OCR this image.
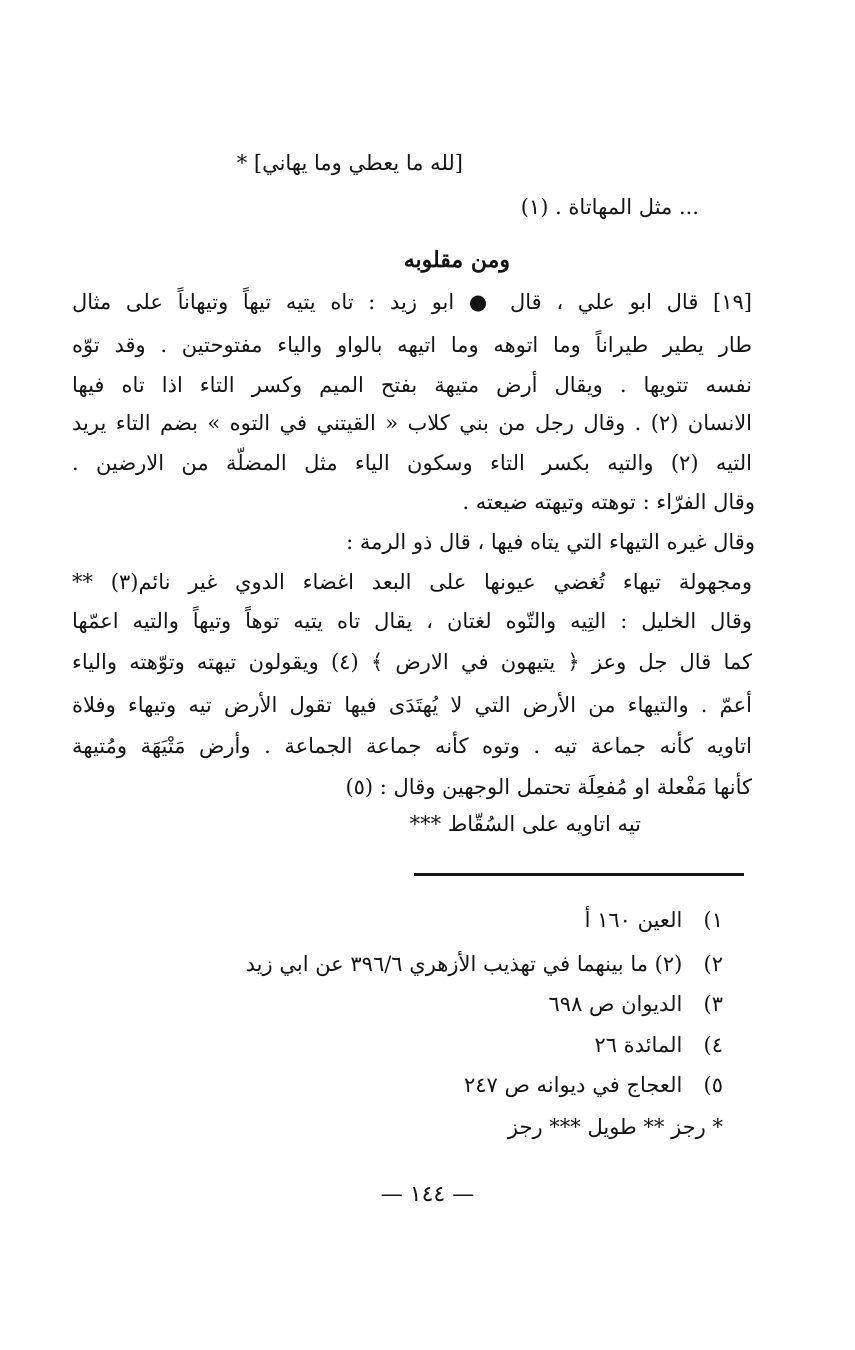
[لله ما يعطي وما يهاني] *

... مثل المهاتاة . (١)

ومن مقلوبه

[١٩] قال ابو علي ، قال ● ابو زيد : تاه يتيه تيهاً وتيهاناً على مثال

طار يطير طيراناً وما اتوهه وما اتيهه بالواو والياء مفتوحتين . وقد توّه

نفسه تتويها . ويقال أرض متيهة بفتح الميم وكسر التاء اذا تاه فيها

الانسان (٢) . وقال رجل من بني كلاب « القيتني في التوه » بضم التاء يريد

التيه (٢) والتيه بكسر التاء وسكون الياء مثل المضلّة من الارضين .

وقال الفرّاء : توهته وتيهته ضيعته .

وقال غيره التيهاء التي يتاه فيها ، قال ذو الرمة :

ومجهولة تيهاء تُغضي عيونها على البعد اغضاء الدوي غير نائم(٣) **

وقال الخليل : التِيه والتّوه لغتان ، يقال تاه يتيه توهاً وتيهاً والتيه اعمّها

كما قال جل وعز ﴿ يتيهون في الارض ﴾ (٤) ويقولون تيهته وتوّهته والياء

أعمّ . والتيهاء من الأرض التي لا يُهتَدَى فيها تقول الأرض تيه وتيهاء وفلاة

اتاويه كأنه جماعة تيه . وتوه كأنه جماعة الجماعة . وأرض مَتْيَهَة ومُتيهة

كأنها مَفْعلة او مُفعِلَة تحتمل الوجهين وقال : (٥)

تيه اتاويه على السُقّاط ***

١) العين ١٦٠ أ
٢) (٢) ما بينهما في تهذيب الأزهري ٣٩٦/٦ عن ابي زيد
٣) الديوان ص ٦٩٨
٤) المائدة ٢٦
٥) العجاج في ديوانه ص ٢٤٧
* رجز ** طويل *** رجز
— ١٤٤ —
